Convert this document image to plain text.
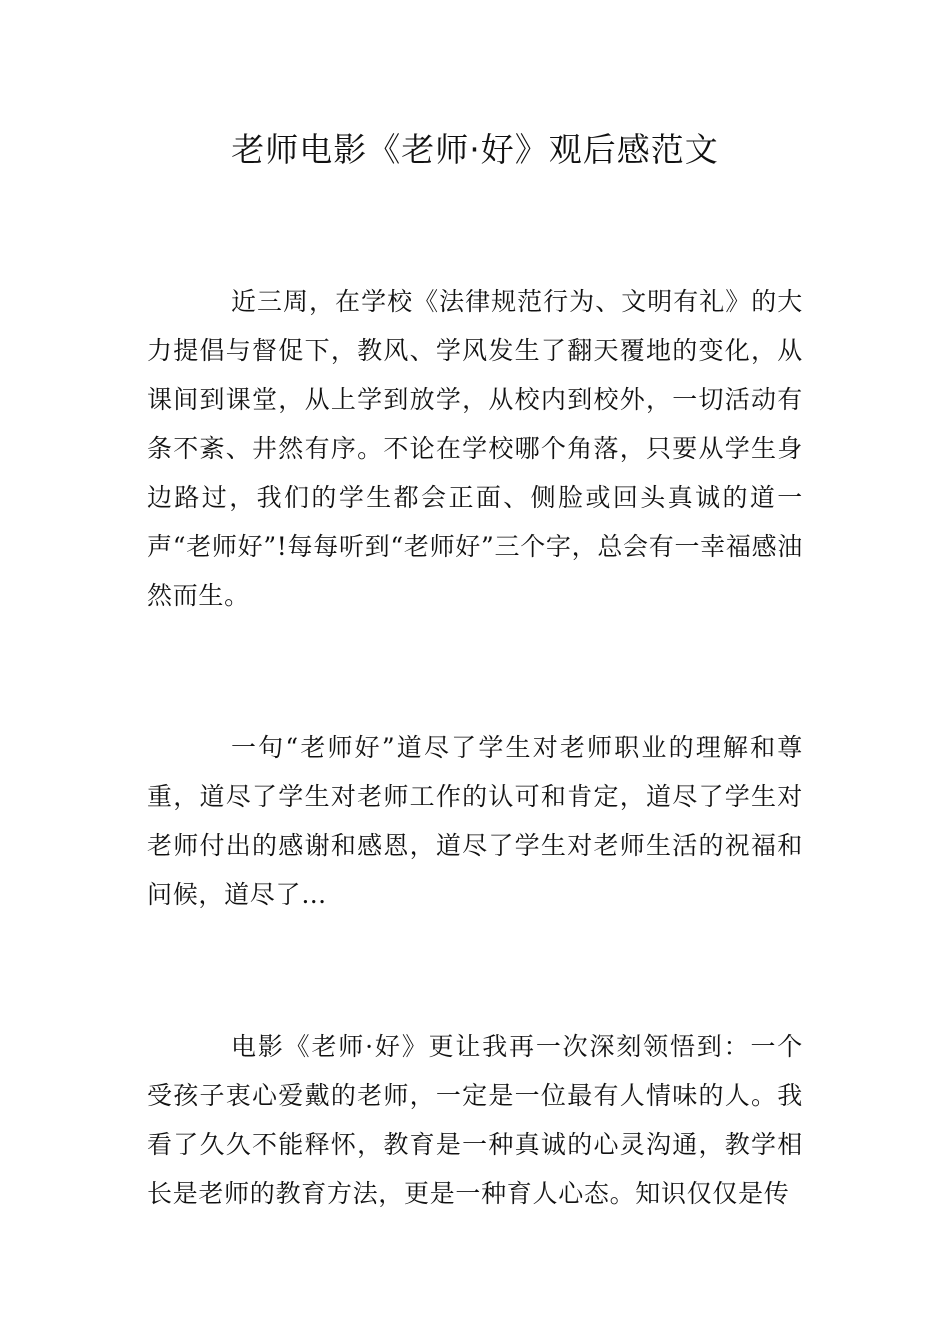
老师电影《老师·好》观后感范文

近三周，在学校《法律规范行为、文明有礼》的大力提倡与督促下，教风、学风发生了翻天覆地的变化，从课间到课堂，从上学到放学，从校内到校外，一切活动有条不紊、井然有序。不论在学校哪个角落，只要从学生身边路过，我们的学生都会正面、侧脸或回头真诚的道一声“老师好”!每每听到“老师好”三个字，总会有一幸福感油然而生。

一句“老师好”道尽了学生对老师职业的理解和尊重，道尽了学生对老师工作的认可和肯定，道尽了学生对老师付出的感谢和感恩，道尽了学生对老师生活的祝福和问候，道尽了…

电影《老师·好》更让我再一次深刻领悟到：一个受孩子衷心爱戴的老师，一定是一位最有人情味的人。我看了久久不能释怀，教育是一种真诚的心灵沟通，教学相长是老师的教育方法，更是一种育人心态。知识仅仅是传
